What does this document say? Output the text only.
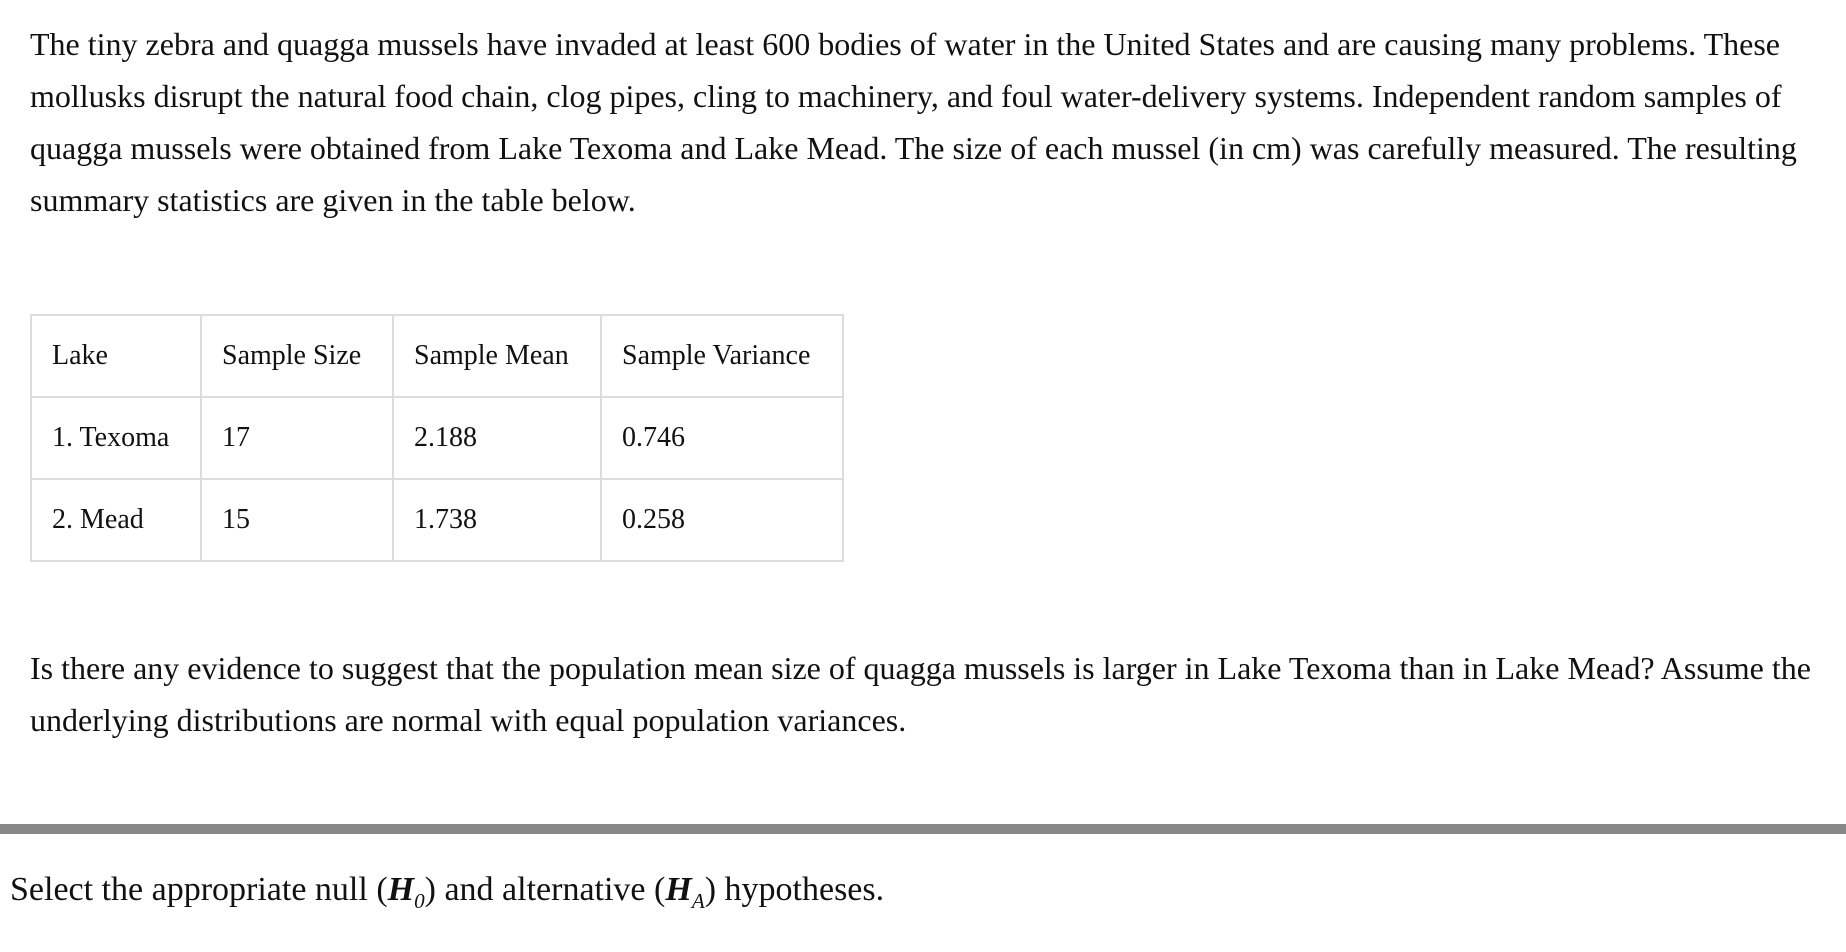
The tiny zebra and quagga mussels have invaded at least 600 bodies of water in the United States and are causing many problems. These mollusks disrupt the natural food chain, clog pipes, cling to machinery, and foul water-delivery systems. Independent random samples of quagga mussels were obtained from Lake Texoma and Lake Mead. The size of each mussel (in cm) was carefully measured. The resulting summary statistics are given in the table below.

Lake	Sample Size	Sample Mean	Sample Variance
1. Texoma	17	2.188	0.746
2. Mead	15	1.738	0.258

Is there any evidence to suggest that the population mean size of quagga mussels is larger in Lake Texoma than in Lake Mead? Assume the underlying distributions are normal with equal population variances.

Select the appropriate null $(H_0)$ and alternative $(H_A)$ hypotheses.
